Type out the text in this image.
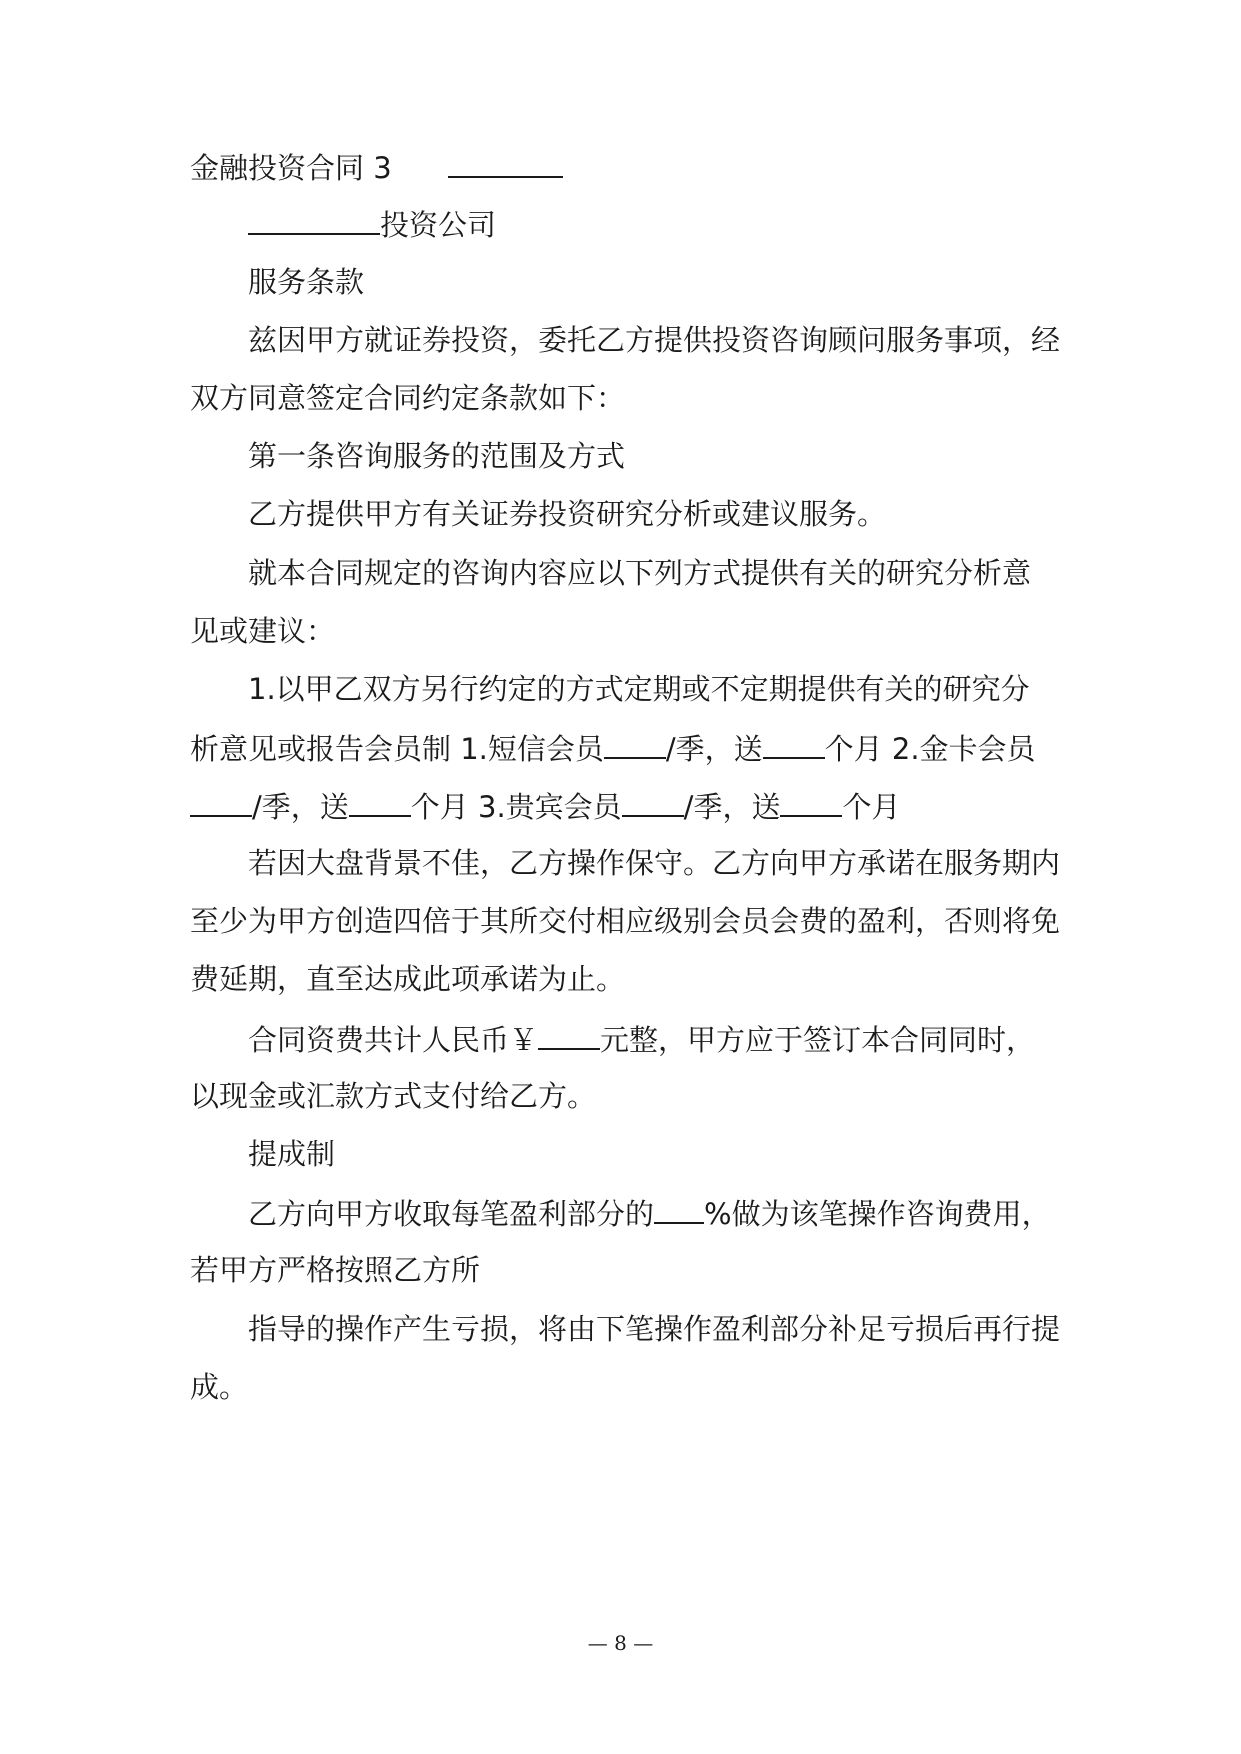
金融投资合同 3
投资公司
服务条款
兹因甲方就证券投资，委托乙方提供投资咨询顾问服务事项，经
双方同意签定合同约定条款如下：
第一条咨询服务的范围及方式
乙方提供甲方有关证券投资研究分析或建议服务。
就本合同规定的咨询内容应以下列方式提供有关的研究分析意
见或建议：
1.以甲乙双方另行约定的方式定期或不定期提供有关的研究分
析意见或报告会员制 1.短信会员 /季，送 个月 2.金卡会员
/季，送 个月 3.贵宾会员 /季，送 个月
若因大盘背景不佳，乙方操作保守。乙方向甲方承诺在服务期内
至少为甲方创造四倍于其所交付相应级别会员会费的盈利，否则将免
费延期，直至达成此项承诺为止。
合同资费共计人民币￥ 元整，甲方应于签订本合同同时，
以现金或汇款方式支付给乙方。
提成制
乙方向甲方收取每笔盈利部分的 %做为该笔操作咨询费用，
若甲方严格按照乙方所
指导的操作产生亏损，将由下笔操作盈利部分补足亏损后再行提
成。
— 8 —
